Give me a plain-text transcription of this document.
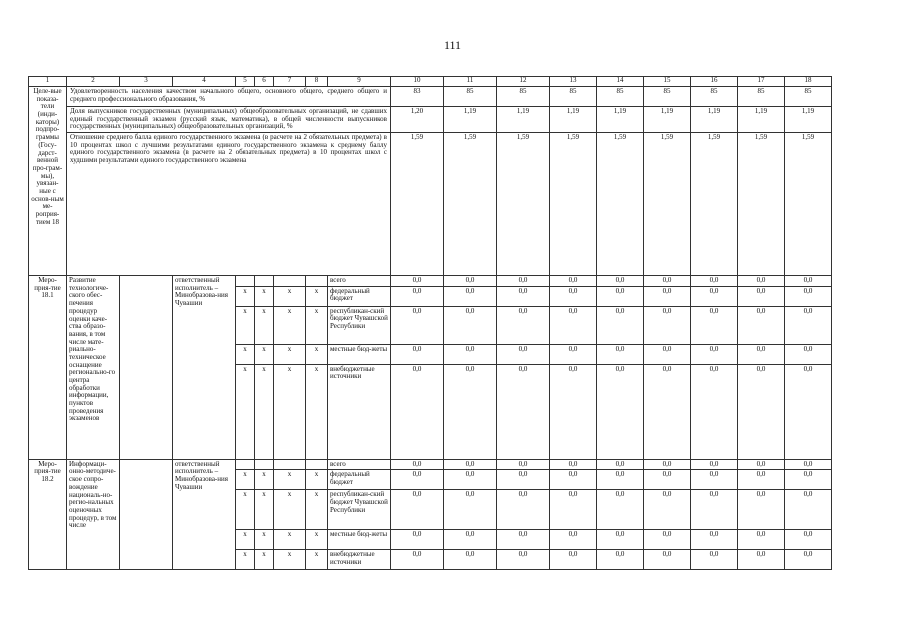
111
1	2	3	4	5	6	7	8	9	10	11	12	13	14	15	16	17	18
Целе-вые показа-тели (инди-каторы) подпро-граммы (Госу-дарст-венной про-грам-мы), увязан-ные с основ-ным ме-роприя-тием 18	Удовлетворенность населения качеством начального общего, основного общего, среднего общего и среднего профессионального образования, %								83	85	85	85	85	85	85	85	85
	Доля выпускников государственных (муниципальных) общеобразовательных организаций, не сдавших единый государственный экзамен (русский язык, математика), в общей численности выпускников государственных (муниципальных) общеобразовательных организаций, %								1,20	1,19	1,19	1,19	1,19	1,19	1,19	1,19	1,19
	Отношение среднего балла единого государственного экзамена (в расчете на 2 обязательных предмета) в 10 процентах школ с лучшими результатами единого государственного экзамена к среднему баллу единого государственного экзамена (в расчете на 2 обязательных предмета) в 10 процентах школ с худшими результатами единого государственного экзамена								1,59	1,59	1,59	1,59	1,59	1,59	1,59	1,59	1,59
Меро-прия-тие 18.1	Развитие технологиче-ского обес-печения процедур оценки каче-ства образо-вания, в том числе мате-риально-техническое оснащение регионально-го центра обработки информации, пунктов проведения экзаменов		ответственный исполнитель – Минобразова-ния Чувашии					всего	0,0	0,0	0,0	0,0	0,0	0,0	0,0	0,0	0,0
				x	x	x	x	федеральный бюджет	0,0	0,0	0,0	0,0	0,0	0,0	0,0	0,0	0,0
				x	x	x	x	республикан-ский бюджет Чувашской Республики	0,0	0,0	0,0	0,0	0,0	0,0	0,0	0,0	0,0
				x	x	x	x	местные бюд-жеты	0,0	0,0	0,0	0,0	0,0	0,0	0,0	0,0	0,0
				x	x	x	x	внебюджетные источники	0,0	0,0	0,0	0,0	0,0	0,0	0,0	0,0	0,0
Меро-прия-тие 18.2	Информаци-онно-методиче-ское сопро-вождение националь-но-регио-нальных оценочных процедур, в том числе		ответственный исполнитель – Минобразова-ния Чувашии					всего	0,0	0,0	0,0	0,0	0,0	0,0	0,0	0,0	0,0
				x	x	x	x	федеральный бюджет	0,0	0,0	0,0	0,0	0,0	0,0	0,0	0,0	0,0
				x	x	x	x	республикан-ский бюджет Чувашской Республики	0,0	0,0	0,0	0,0	0,0	0,0	0,0	0,0	0,0
				x	x	x	x	местные бюд-жеты	0,0	0,0	0,0	0,0	0,0	0,0	0,0	0,0	0,0
				x	x	x	x	внебюджетные источники	0,0	0,0	0,0	0,0	0,0	0,0	0,0	0,0	0,0
